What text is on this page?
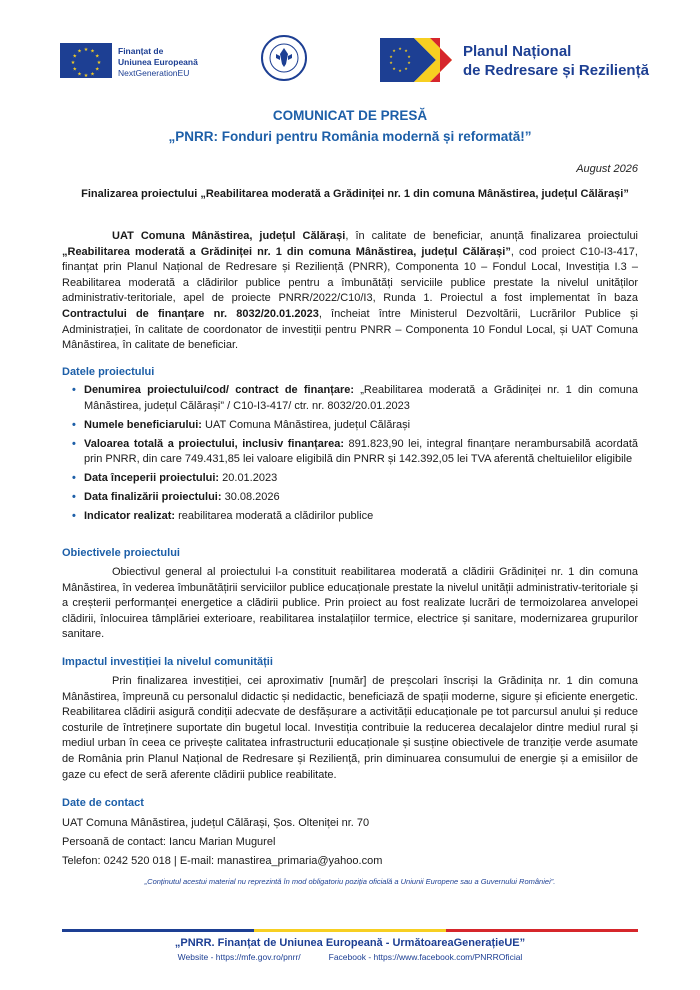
★ ★
★
★
★
★
★
★
★
★
★
★	Finanțat de
Uniunea Europeană
NextGenerationEU
★ ★
★
★
★
★
★
★
★
★	Planul Național
de Redresare și Reziliență
COMUNICAT DE PRESĂ
„PNRR: Fonduri pentru România modernă și reformată!”
August 2026
Finalizarea proiectului „Reabilitarea moderată a Grădiniței nr. 1 din comuna Mânăstirea, județul Călărași”
UAT Comuna Mânăstirea, județul Călărași, în calitate de beneficiar, anunță finalizarea proiectului „Reabilitarea moderată a Grădiniței nr. 1 din comuna Mânăstirea, județul Călărași”, cod proiect C10-I3-417, finanțat prin Planul Național de Redresare și Reziliență (PNRR), Componenta 10 – Fondul Local, Investiția I.3 – Reabilitarea moderată a clădirilor publice pentru a îmbunătăți serviciile publice prestate la nivelul unităților administrativ-teritoriale, apel de proiecte PNRR/2022/C10/I3, Runda 1. Proiectul a fost implementat în baza Contractului de finanțare nr. 8032/20.01.2023, încheiat între Ministerul Dezvoltării, Lucrărilor Publice și Administrației, în calitate de coordonator de investiții pentru PNRR – Componenta 10 Fondul Local, și UAT Comuna Mânăstirea, în calitate de beneficiar.
Datele proiectului
• Denumirea proiectului/cod/ contract de finanțare: „Reabilitarea moderată a Grădiniței nr. 1 din comuna Mânăstirea, județul Călărași” / C10-I3-417/ ctr. nr. 8032/20.01.2023
• Numele beneficiarului: UAT Comuna Mânăstirea, județul Călărași
• Valoarea totală a proiectului, inclusiv finanțarea: 891.823,90 lei, integral finanțare nerambursabilă acordată prin PNRR, din care 749.431,85 lei valoare eligibilă din PNRR și 142.392,05 lei TVA aferentă cheltuielilor eligibile
• Data începerii proiectului: 20.01.2023
• Data finalizării proiectului: 30.08.2026
• Indicator realizat: reabilitarea moderată a clădirilor publice
Obiectivele proiectului
Obiectivul general al proiectului l-a constituit reabilitarea moderată a clădirii Grădiniței nr. 1 din comuna Mânăstirea, în vederea îmbunătățirii serviciilor publice educaționale prestate la nivelul unității administrativ-teritoriale și a creșterii performanței energetice a clădirii publice. Prin proiect au fost realizate lucrări de termoizolarea anvelopei clădirii, înlocuirea tâmplăriei exterioare, reabilitarea instalațiilor termice, electrice și sanitare, modernizarea grupurilor sanitare.
Impactul investiției la nivelul comunității
Prin finalizarea investiției, cei aproximativ [număr] de preșcolari înscriși la Grădinița nr. 1 din comuna Mânăstirea, împreună cu personalul didactic și nedidactic, beneficiază de spații moderne, sigure și eficiente energetic. Reabilitarea clădirii asigură condiții adecvate de desfășurare a activității educaționale pe tot parcursul anului și reduce costurile de întreținere suportate din bugetul local. Investiția contribuie la reducerea decalajelor dintre mediul rural și mediul urban în ceea ce privește calitatea infrastructurii educaționale și susține obiectivele de tranziție verde asumate de România prin Planul Național de Redresare și Reziliență, prin diminuarea consumului de energie și a emisiilor de gaze cu efect de seră aferente clădirii publice reabilitate.
Date de contact
UAT Comuna Mânăstirea, județul Călărași, Șos. Olteniței nr. 70
Persoană de contact: Iancu Marian Mugurel
Telefon: 0242 520 018 | E-mail: manastirea_primaria@yahoo.com
„Conținutul acestui material nu reprezintă în mod obligatoriu poziția oficială a Uniunii Europene sau a Guvernului României”.
„PNRR. Finanțat de Uniunea Europeană - UrmătoareaGenerațieUE”
Website - https://mfe.gov.ro/pnrr/	Facebook - https://www.facebook.com/PNRROficial
